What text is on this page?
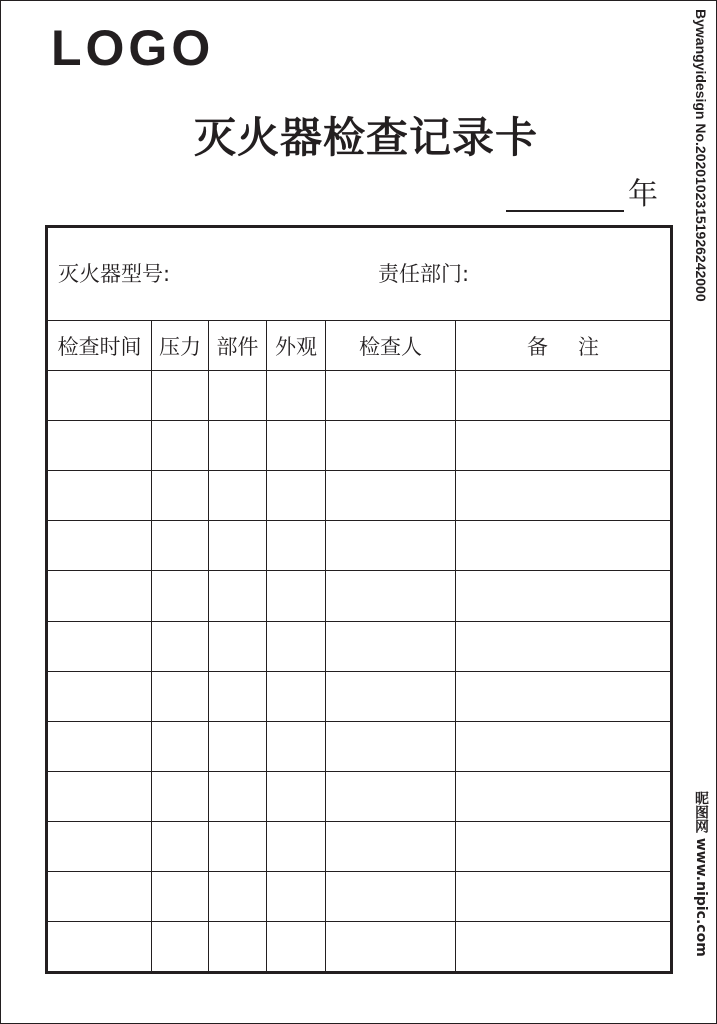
LOGO
灭火器检查记录卡
年
灭火器型号: 责任部门:					

检查时间	压力	部件	外观	检查人	备注

Bywangyidesign No.20201023151926242000
昵图网 www.nipic.com
